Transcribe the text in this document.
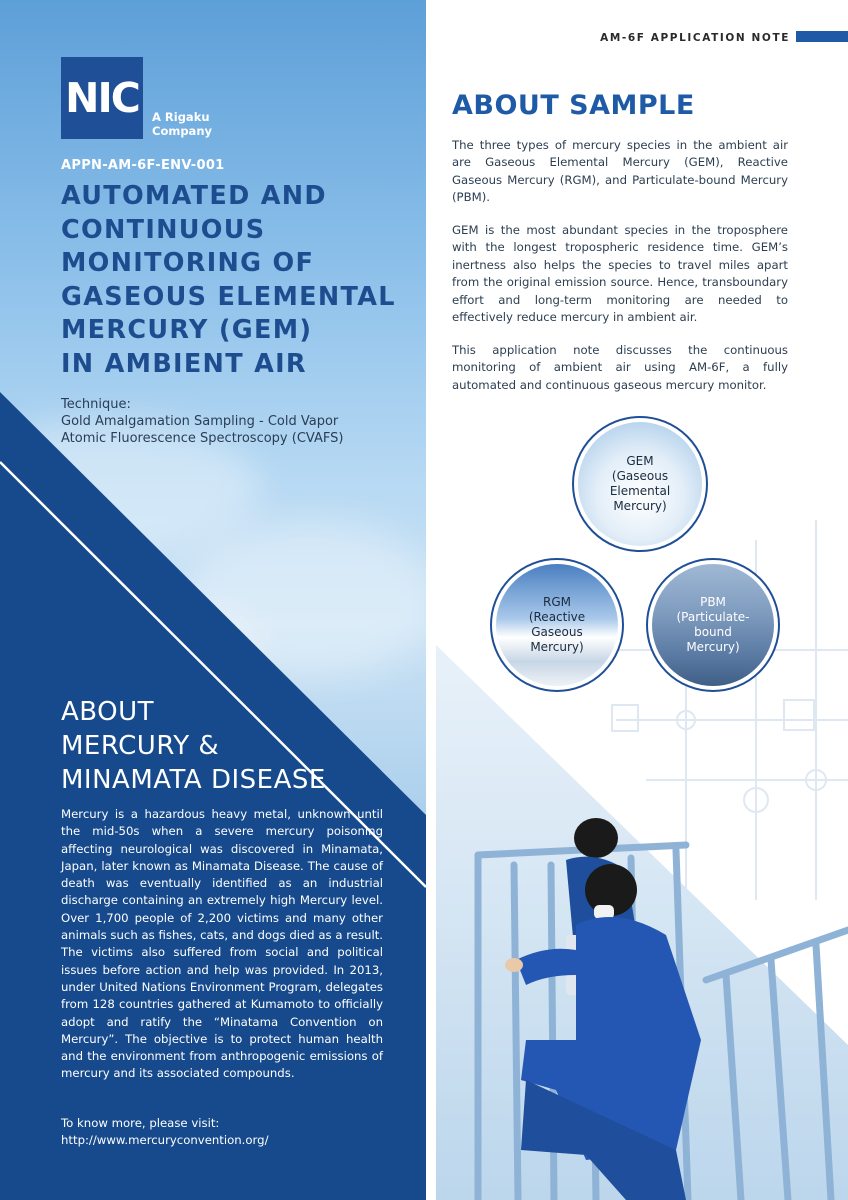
NIC A Rigaku
Company
APPN-AM-6F-ENV-001
AUTOMATED AND
CONTINUOUS
MONITORING OF
GASEOUS ELEMENTAL
MERCURY (GEM)
IN AMBIENT AIR
Technique:
Gold Amalgamation Sampling - Cold Vapor
Atomic Fluorescence Spectroscopy (CVAFS)
ABOUT
MERCURY &
MINAMATA DISEASE

Mercury is a hazardous heavy metal, unknown until the mid-50s when a severe mercury poisoning affecting neurological was discovered in Minamata, Japan, later known as Minamata Disease. The cause of death was eventually identified as an industrial discharge containing an extremely high Mercury level. Over 1,700 people of 2,200 victims and many other animals such as fishes, cats, and dogs died as a result. The victims also suffered from social and political issues before action and help was provided. In 2013, under United Nations Environment Program, delegates from 128 countries gathered at Kumamoto to officially adopt and ratify the “Minatama Convention on Mercury”. The objective is to protect human health and the environment from anthropogenic emissions of mercury and its associated compounds.

To know more, please visit:
http://www.mercuryconvention.org/
AM-6F APPLICATION NOTE
ABOUT SAMPLE

The three types of mercury species in the ambient air are Gaseous Elemental Mercury (GEM), Reactive Gaseous Mercury (RGM), and Particulate-bound Mercury (PBM).

GEM is the most abundant species in the troposphere with the longest tropospheric residence time. GEM’s inertness also helps the species to travel miles apart from the original emission source. Hence, transboundary effort and long-term monitoring are needed to effectively reduce mercury in ambient air.

This application note discusses the continuous monitoring of ambient air using AM-6F, a fully automated and continuous gaseous mercury monitor.

GEM
(Gaseous
Elemental
Mercury)
RGM
(Reactive
Gaseous
Mercury)
PBM
(Particulate-
bound
Mercury)
